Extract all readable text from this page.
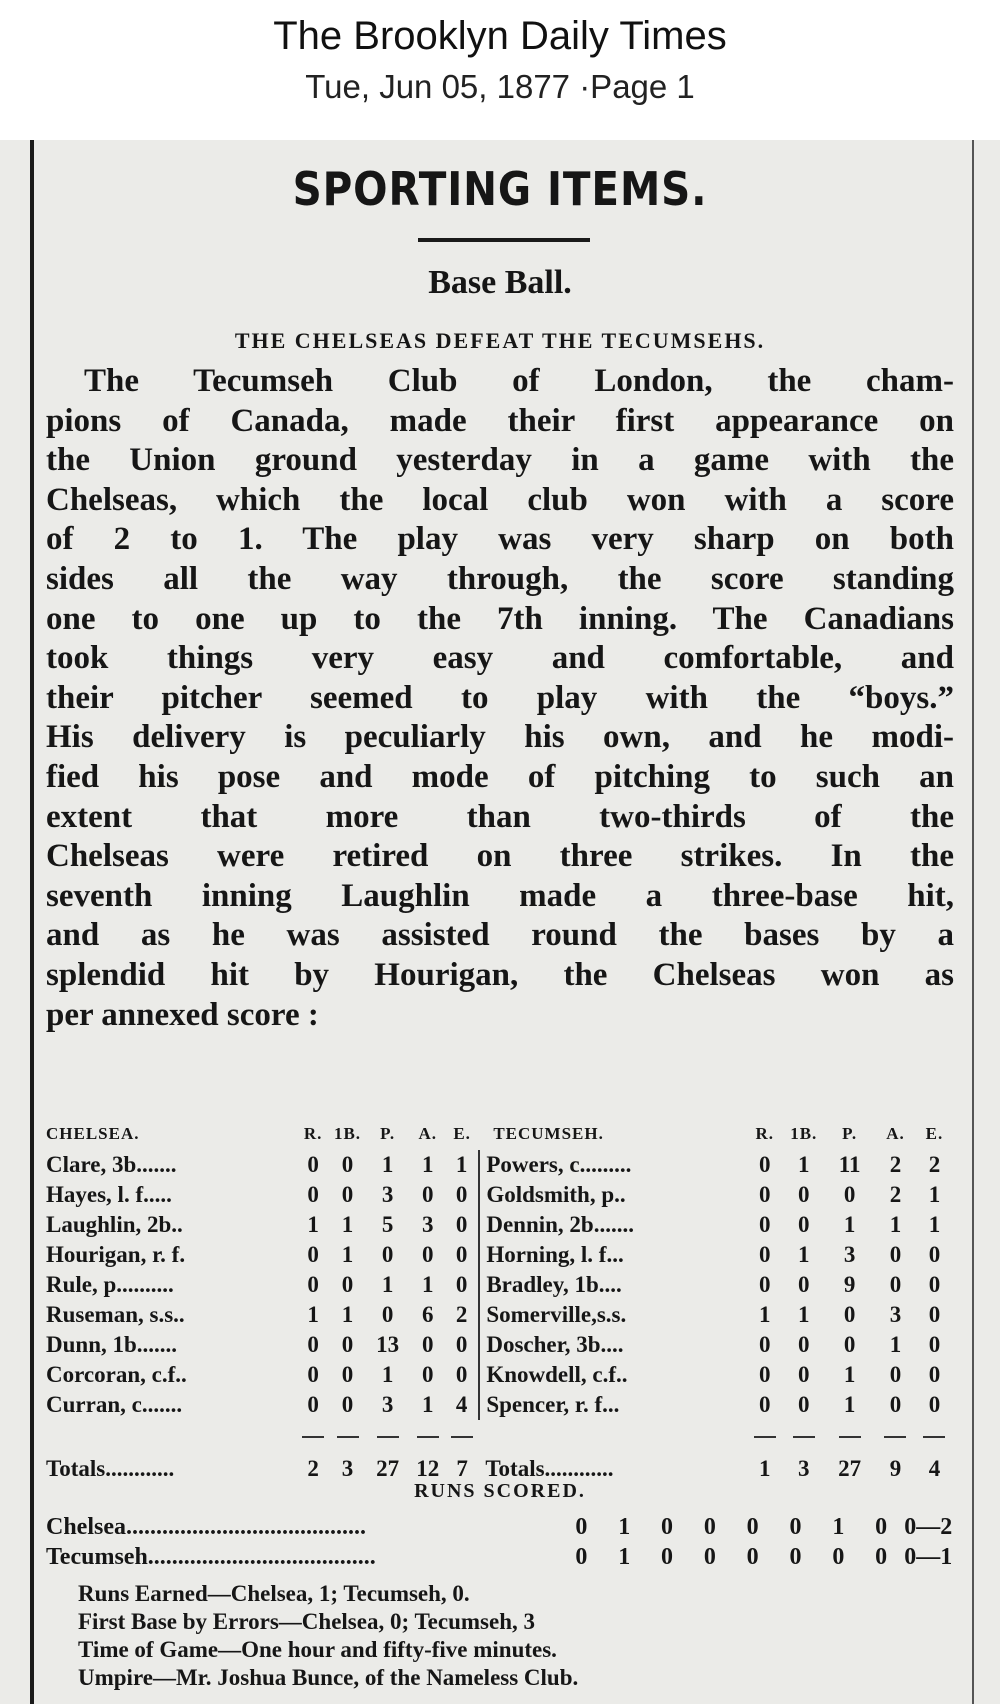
The Brooklyn Daily Times
Tue, Jun 05, 1877 ·Page 1
SPORTING ITEMS.
Base Ball.
THE CHELSEAS DEFEAT THE TECUMSEHS.
The Tecumseh Club of London, the cham-
pions of Canada, made their first appearance on
the Union ground yesterday in a game with the
Chelseas, which the local club won with a score
of 2 to 1. The play was very sharp on both
sides all the way through, the score standing
one to one up to the 7th inning. The Canadians
took things very easy and comfortable, and
their pitcher seemed to play with the “boys.”
His delivery is peculiarly his own, and he modi-
fied his pose and mode of pitching to such an
extent that more than two-thirds of the
Chelseas were retired on three strikes. In the
seventh inning Laughlin made a three-base hit,
and as he was assisted round the bases by a
splendid hit by Hourigan, the Chelseas won as
per annexed score :
CHELSEA.	R.	1B.	P.	A.	E.	TECUMSEH.	R.	1B.	P.	A.	E.
Clare, 3b.......	0	0	1	1	1	Powers, c.........	0	1	11	2	2
Hayes, l. f.....	0	0	3	0	0	Goldsmith, p..	0	0	0	2	1
Laughlin, 2b..	1	1	5	3	0	Dennin, 2b.......	0	0	1	1	1
Hourigan, r. f.	0	1	0	0	0	Horning, l. f...	0	1	3	0	0
Rule, p..........	0	0	1	1	0	Bradley, 1b....	0	0	9	0	0
Ruseman, s.s..	1	1	0	6	2	Somerville,s.s.	1	1	0	3	0
Dunn, 1b.......	0	0	13	0	0	Doscher, 3b....	0	0	0	1	0
Corcoran, c.f..	0	0	1	0	0	Knowdell, c.f..	0	0	1	0	0
Curran, c.......	0	0	3	1	4	Spencer, r. f...	0	0	1	0	0

Totals............	2	3	27	12	7	Totals............	1	3	27	9	4
RUNS SCORED.
Chelsea........................................	0	1	0	0	0	0	1	0	0—2
Tecumseh......................................	0	1	0	0	0	0	0	0	0—1
Runs Earned—Chelsea, 1; Tecumseh, 0.
First Base by Errors—Chelsea, 0; Tecumseh, 3
Time of Game—One hour and fifty-five minutes.
Umpire—Mr. Joshua Bunce, of the Nameless Club.
